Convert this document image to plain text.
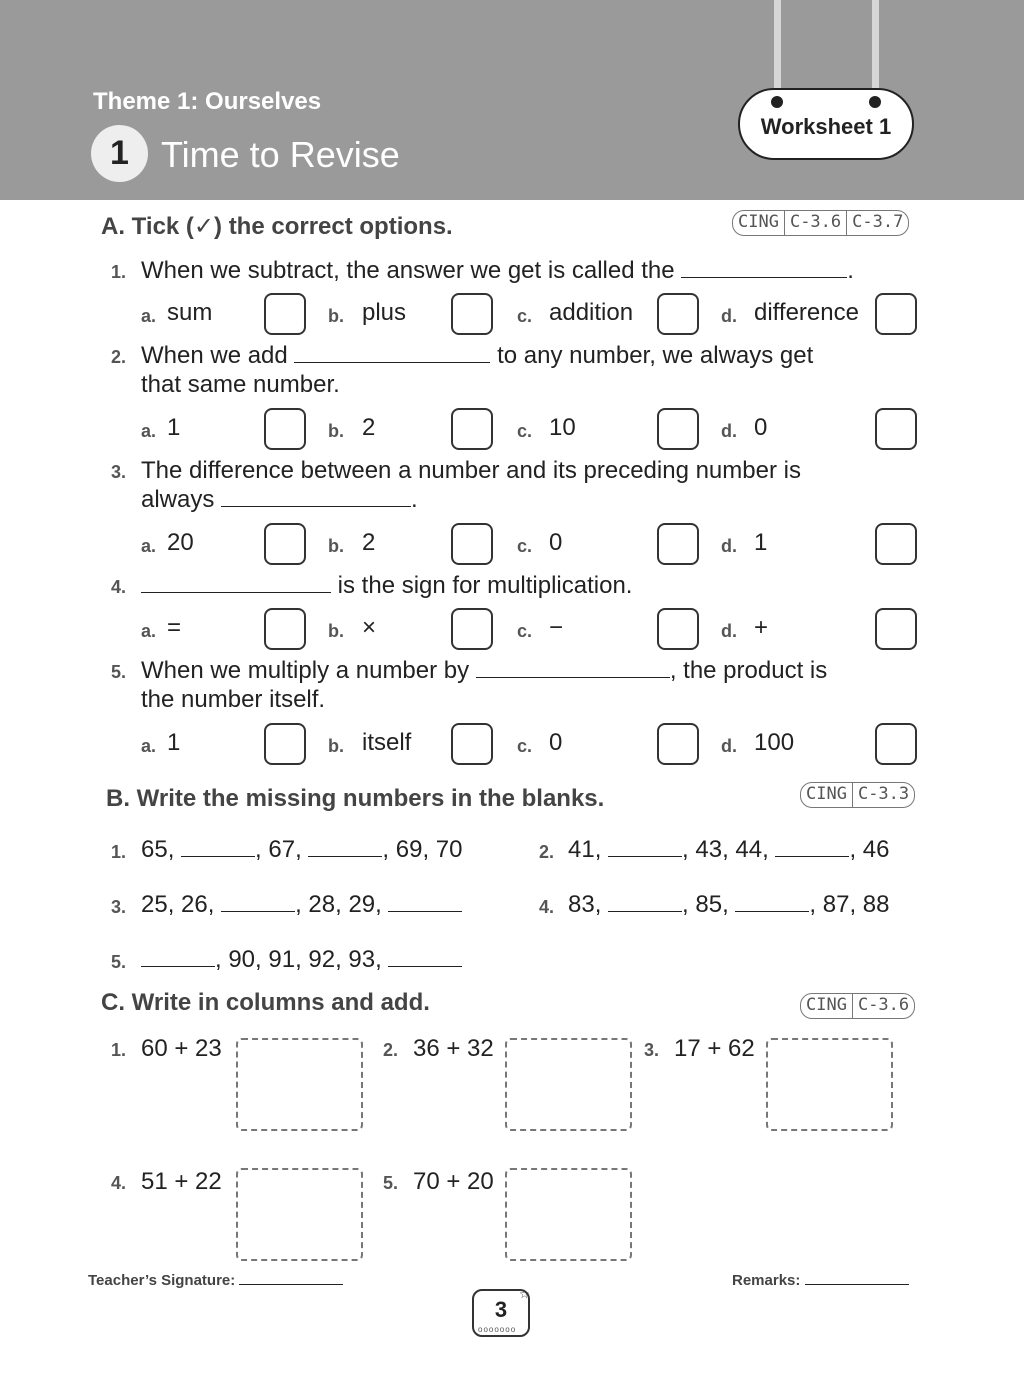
Theme 1: Ourselves
1 Time to Revise
Worksheet 1
A. Tick (✓) the correct options.	CING C-3.6 C-3.7
1. When we subtract, the answer we get is called the	.
2. When we add	to any number, we always get
that same number.
3. The difference between a number and its preceding number is
always	.
4.	is the sign for multiplication.
5. When we multiply a number by	, the product is
the number itself.
a. sum	b. plus	c. addition	d. difference
a. 1	b. 2	c. 10	d. 0
a. 20	b. 2	c. 0	d. 1
a. =	b. ×	c. −	d. +
a. 1	b. itself	c. 0	d. 100
B. Write the missing numbers in the blanks.	CING C-3.3
1. 65,	, 67,	, 69, 70	2. 41,	, 43, 44,	, 46
3. 25, 26,	, 28, 29,	4. 83,	, 85,	, 87, 88
5.	, 90, 91, 92, 93,
C. Write in columns and add.	CING C-3.6
1. 60 + 23	2. 36 + 32	3. 17 + 62
4. 51 + 22	5. 70 + 20
Teacher’s Signature:	Remarks:
3
ooooooo
☆
